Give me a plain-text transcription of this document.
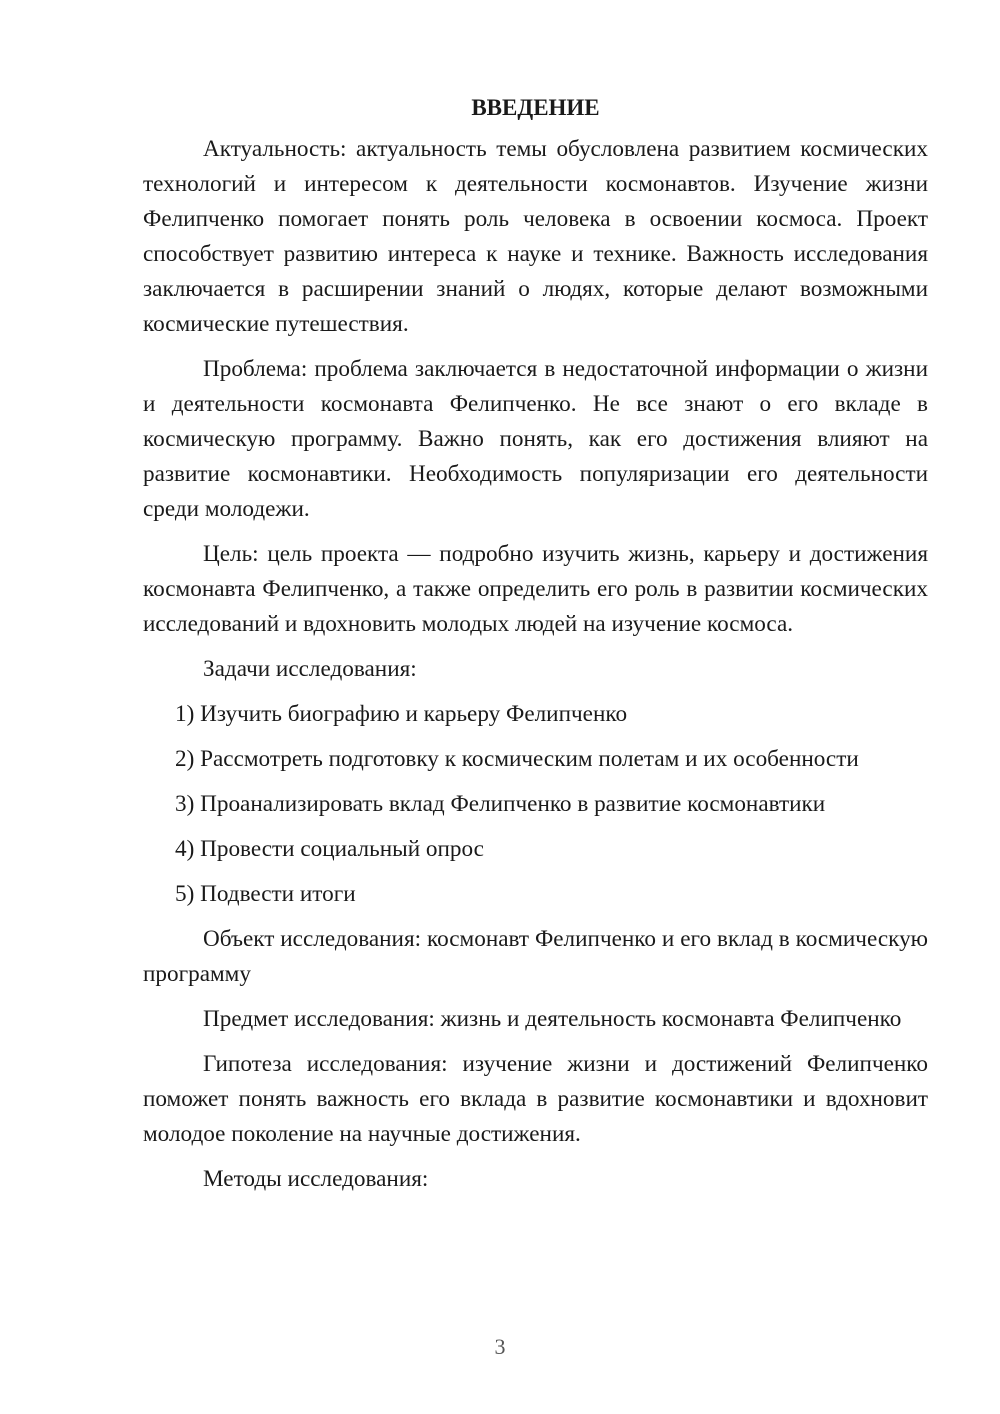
ВВЕДЕНИЕ

Актуальность: актуальность темы обусловлена развитием космических технологий и интересом к деятельности космонавтов. Изучение жизни Фелипченко помогает понять роль человека в освоении космоса. Проект способствует развитию интереса к науке и технике. Важность исследования заключается в расширении знаний о людях, которые делают возможными космические путешествия.

Проблема: проблема заключается в недостаточной информации о жизни и деятельности космонавта Фелипченко. Не все знают о его вкладе в космическую программу. Важно понять, как его достижения влияют на развитие космонавтики. Необходимость популяризации его деятельности среди молодежи.

Цель: цель проекта — подробно изучить жизнь, карьеру и достижения космонавта Фелипченко, а также определить его роль в развитии космических исследований и вдохновить молодых людей на изучение космоса.

Задачи исследования:

1) Изучить биографию и карьеру Фелипченко
2) Рассмотреть подготовку к космическим полетам и их особенности
3) Проанализировать вклад Фелипченко в развитие космонавтики
4) Провести социальный опрос
5) Подвести итоги

Объект исследования: космонавт Фелипченко и его вклад в космическую программу

Предмет исследования: жизнь и деятельность космонавта Фелипченко

Гипотеза исследования: изучение жизни и достижений Фелипченко поможет понять важность его вклада в развитие космонавтики и вдохновит молодое поколение на научные достижения.

Методы исследования:

3
